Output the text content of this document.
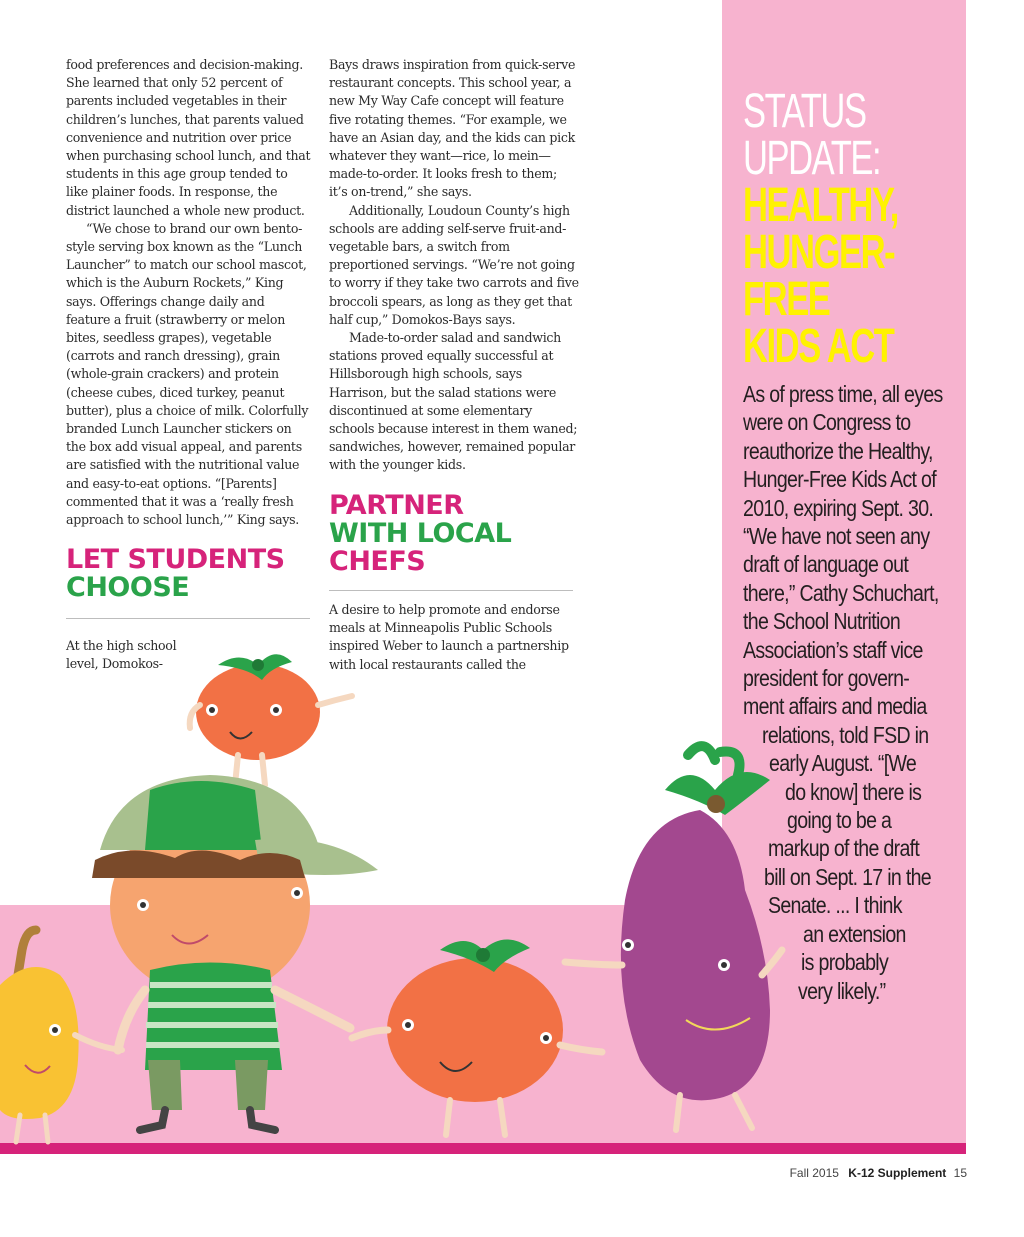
food preferences and decision-making. She learned that only 52 percent of parents included vegetables in their children’s lunches, that parents valued convenience and nutrition over price when purchasing school lunch, and that students in this age group tended to like plainer foods. In response, the district launched a whole new product.

“We chose to brand our own bento-style serving box known as the “Lunch Launcher” to match our school mascot, which is the Auburn Rockets,” King says. Offerings change daily and feature a fruit (strawberry or melon bites, seedless grapes), vegetable (carrots and ranch dressing), grain (whole-grain crackers) and protein (cheese cubes, diced turkey, peanut butter), plus a choice of milk. Colorfully branded Lunch Launcher stickers on the box add visual appeal, and parents are satisfied with the nutritional value and easy-to-eat options. “[Parents] commented that it was a ‘really fresh approach to school lunch,’” King says.

LET STUDENTS
CHOOSE

At the high school level, Domokos-

Bays draws inspiration from quick-serve restaurant concepts. This school year, a new My Way Cafe concept will feature five rotating themes. “For example, we have an Asian day, and the kids can pick whatever they want—rice, lo mein—made-to-order. It looks fresh to them; it’s on-trend,” she says.

Additionally, Loudoun County’s high schools are adding self-serve fruit-and-vegetable bars, a switch from preportioned servings. “We’re not going to worry if they take two carrots and five broccoli spears, as long as they get that half cup,” Domokos-Bays says.

Made-to-order salad and sandwich stations proved equally successful at Hillsborough high schools, says Harrison, but the salad stations were discontinued at some elementary schools because interest in them waned; sandwiches, however, remained popular with the younger kids.

PARTNER
WITH LOCAL
CHEFS

A desire to help promote and endorse meals at Minneapolis Public Schools inspired Weber to launch a partnership with local restaurants called the

STATUS
UPDATE:
HEALTHY,
HUNGER-
FREE
KIDS ACT
As of press time, all eyes
were on Congress to
reauthorize the Healthy,
Hunger-Free Kids Act of
2010, expiring Sept. 30.
“We have not seen any
draft of language out
there,” Cathy Schuchart,
the School Nutrition
Association’s staff vice
president for govern-
ment affairs and media
relations, told FSD in
early August. “[We
do know] there is
going to be a
markup of the draft
bill on Sept. 17 in the
Senate. ... I think
an extension
is probably
very likely.”
Fall 2015 K-12 Supplement 15
